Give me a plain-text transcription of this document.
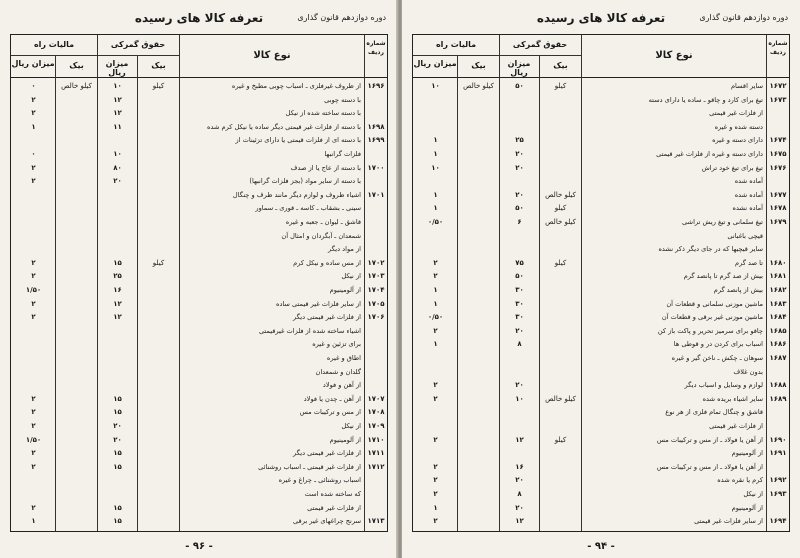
تعرفه کالا های رسیده	دوره دوازدهم قانون گذاری
شماره ردیف
نوع کالا
حقوق گمرکی
مالیات راه
بیک
میزان ریال
بیک
میزان ریال
۱۶۹۶
از ظروف غیرفلزی ـ اسباب چوبی مطبخ و غیره
کیلو
۱۰
کیلو خالص
۰
با دسته چوبی
۱۲
۲
با دسته ساخته شده از نیکل
۱۲
۲
۱۶۹۸
با دسته از فلزات غیر قیمتی دیگر ساده یا نیکل کرم شده
۱۱
۱
۱۶۹۹
با دسته ای از فلزات قیمتی یا دارای تزئینات از
فلزات گرانبها
۱۰
۰
۱۷۰۰
با دسته از عاج یا از صدف
۸۰
۲
با دسته از سایر مواد (بجز فلزات گرانبها)
۲۰
۲
۱۷۰۱
اشیاء ظروف و لوازم دیگر مانند ظرف و چنگال
سینی ـ بشقاب ـ کاسه ـ قوری ـ سماور
قاشق ـ لیوان ـ جعبه و غیره
شمعدان ـ آبگردان و امثال آن
از مواد دیگر
۱۷۰۲
از مس ساده و نیکل کرم
کیلو
۱۵
۲
۱۷۰۳
از نیکل
۲۵
۲
۱۷۰۴
از آلومینیوم
۱۶
۱/۵۰
۱۷۰۵
از سایر فلزات غیر قیمتی ساده
۱۲
۲
۱۷۰۶
از فلزات غیر قیمتی دیگر
۱۲
۲
اشیاء ساخته شده از فلزات غیرقیمتی
برای تزئین و غیره
اطاق و غیره
گلدان و شمعدان
از آهن و فولاد
۱۷۰۷
از آهن ـ چدن یا فولاد
۱۵
۲
۱۷۰۸
از مس و ترکیبات مس
۱۵
۲
۱۷۰۹
از نیکل
۲۰
۲
۱۷۱۰
از آلومینیوم
۲۰
۱/۵۰
۱۷۱۱
از فلزات غیر قیمتی دیگر
۱۵
۲
۱۷۱۲
از فلزات غیر قیمتی ـ اسباب روشنائی
۱۵
۲
اسباب روشنائی ـ چراغ و غیره
که ساخته شده است
از فلزات غیر قیمتی
۱۵
۲
۱۷۱۳
سرنج چراغهای غیر برقی
۱۵
۱
- ۹۶ -
تعرفه کالا های رسیده	دوره دوازدهم قانون گذاری
شماره ردیف
نوع کالا
حقوق گمرکی
مالیات راه
بیک
میزان ریال
بیک
میزان ریال
۱۶۷۲
سایر اقسام
کیلو
۵۰
کیلو خالص
۱۰
۱۶۷۳
تیغ برای کارد و چاقو ـ ساده یا دارای دسته
از فلزات غیر قیمتی
دسته شده و غیره
۱۶۷۴
دارای دسته و غیره
۲۵
۱
۱۶۷۵
دارای دسته و غیره از فلزات غیر قیمتی
۲۰
۱
۱۶۷۶
تیغ برای تیغ خود تراش
۲۰
۱۰
آماده شده
۱۶۷۷
آماده شده
کیلو خالص
۲۰
۱
۱۶۷۸
آماده نشده
کیلو
۵۰
۱
۱۶۷۹
تیغ سلمانی و تیغ ریش تراشی
کیلو خالص
۶
۰/۵۰
قیچی باغبانی
سایر قیچیها که در جای دیگر ذکر نشده
۱۶۸۰
تا صد گرم
کیلو
۷۵
۲
۱۶۸۱
بیش از صد گرم تا پانصد گرم
۵۰
۲
۱۶۸۲
بیش از پانصد گرم
۳۰
۱
۱۶۸۳
ماشین موزنی سلمانی و قطعات آن
۳۰
۱
۱۶۸۴
ماشین موزنی غیر برقی و قطعات آن
۳۰
۰/۵۰
۱۶۸۵
چاقو برای سرمیز تحریر و پاکت باز کن
۲۰
۲
۱۶۸۶
اسباب برای کردن در و قوطی ها
۸
۱
۱۶۸۷
سوهان ـ چکش ـ ناخن گیر و غیره
بدون غلاف
۱۶۸۸
لوازم و وسایل و اسباب دیگر
۲۰
۲
۱۶۸۹
سایر اشیاء بریده شده
کیلو خالص
۱۰
۲
قاشق و چنگال تمام فلزی از هر نوع
از فلزات غیر قیمتی
۱۶۹۰
از آهن یا فولاد ـ از مس و ترکیبات مس
کیلو
۱۲
۲
۱۶۹۱
از آلومینیوم
از آهن یا فولاد ـ از مس و ترکیبات مس
۱۶
۲
۱۶۹۲
کرم یا نقره شده
۲۰
۲
۱۶۹۳
از نیکل
۸
۲
از آلومینیوم
۲۰
۱
۱۶۹۴
از سایر فلزات غیر قیمتی
۱۲
۲
- ۹۴ -
